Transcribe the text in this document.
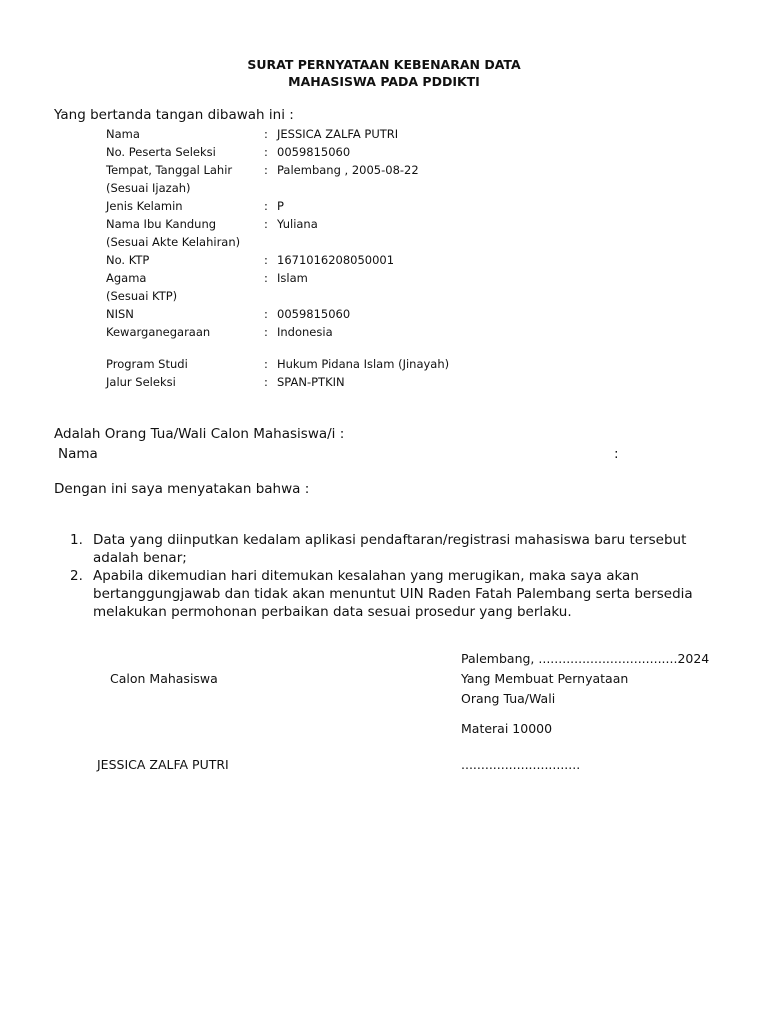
SURAT PERNYATAAN KEBENARAN DATA
MAHASISWA PADA PDDIKTI
Yang bertanda tangan dibawah ini :
Nama	: JESSICA ZALFA PUTRI
No. Peserta Seleksi	: 0059815060
Tempat, Tanggal Lahir	: Palembang , 2005-08-22
(Sesuai Ijazah)
Jenis Kelamin	: P
Nama Ibu Kandung	: Yuliana
(Sesuai Akte Kelahiran)
No. KTP	: 1671016208050001
Agama	: Islam
(Sesuai KTP)
NISN	: 0059815060
Kewarganegaraan	: Indonesia
Program Studi	: Hukum Pidana Islam (Jinayah)
Jalur Seleksi	: SPAN-PTKIN
Adalah Orang Tua/Wali Calon Mahasiswa/i :
Nama	:
Dengan ini saya menyatakan bahwa :
1. Data yang diinputkan kedalam aplikasi pendaftaran/registrasi mahasiswa baru tersebut adalah benar;
2. Apabila dikemudian hari ditemukan kesalahan yang merugikan, maka saya akan bertanggungjawab dan tidak akan menuntut UIN Raden Fatah Palembang serta bersedia melakukan permohonan perbaikan data sesuai prosedur yang berlaku.
Palembang, ...................................2024
Calon Mahasiswa	Yang Membuat Pernyataan
Orang Tua/Wali
Materai 10000
JESSICA ZALFA PUTRI	..............................
